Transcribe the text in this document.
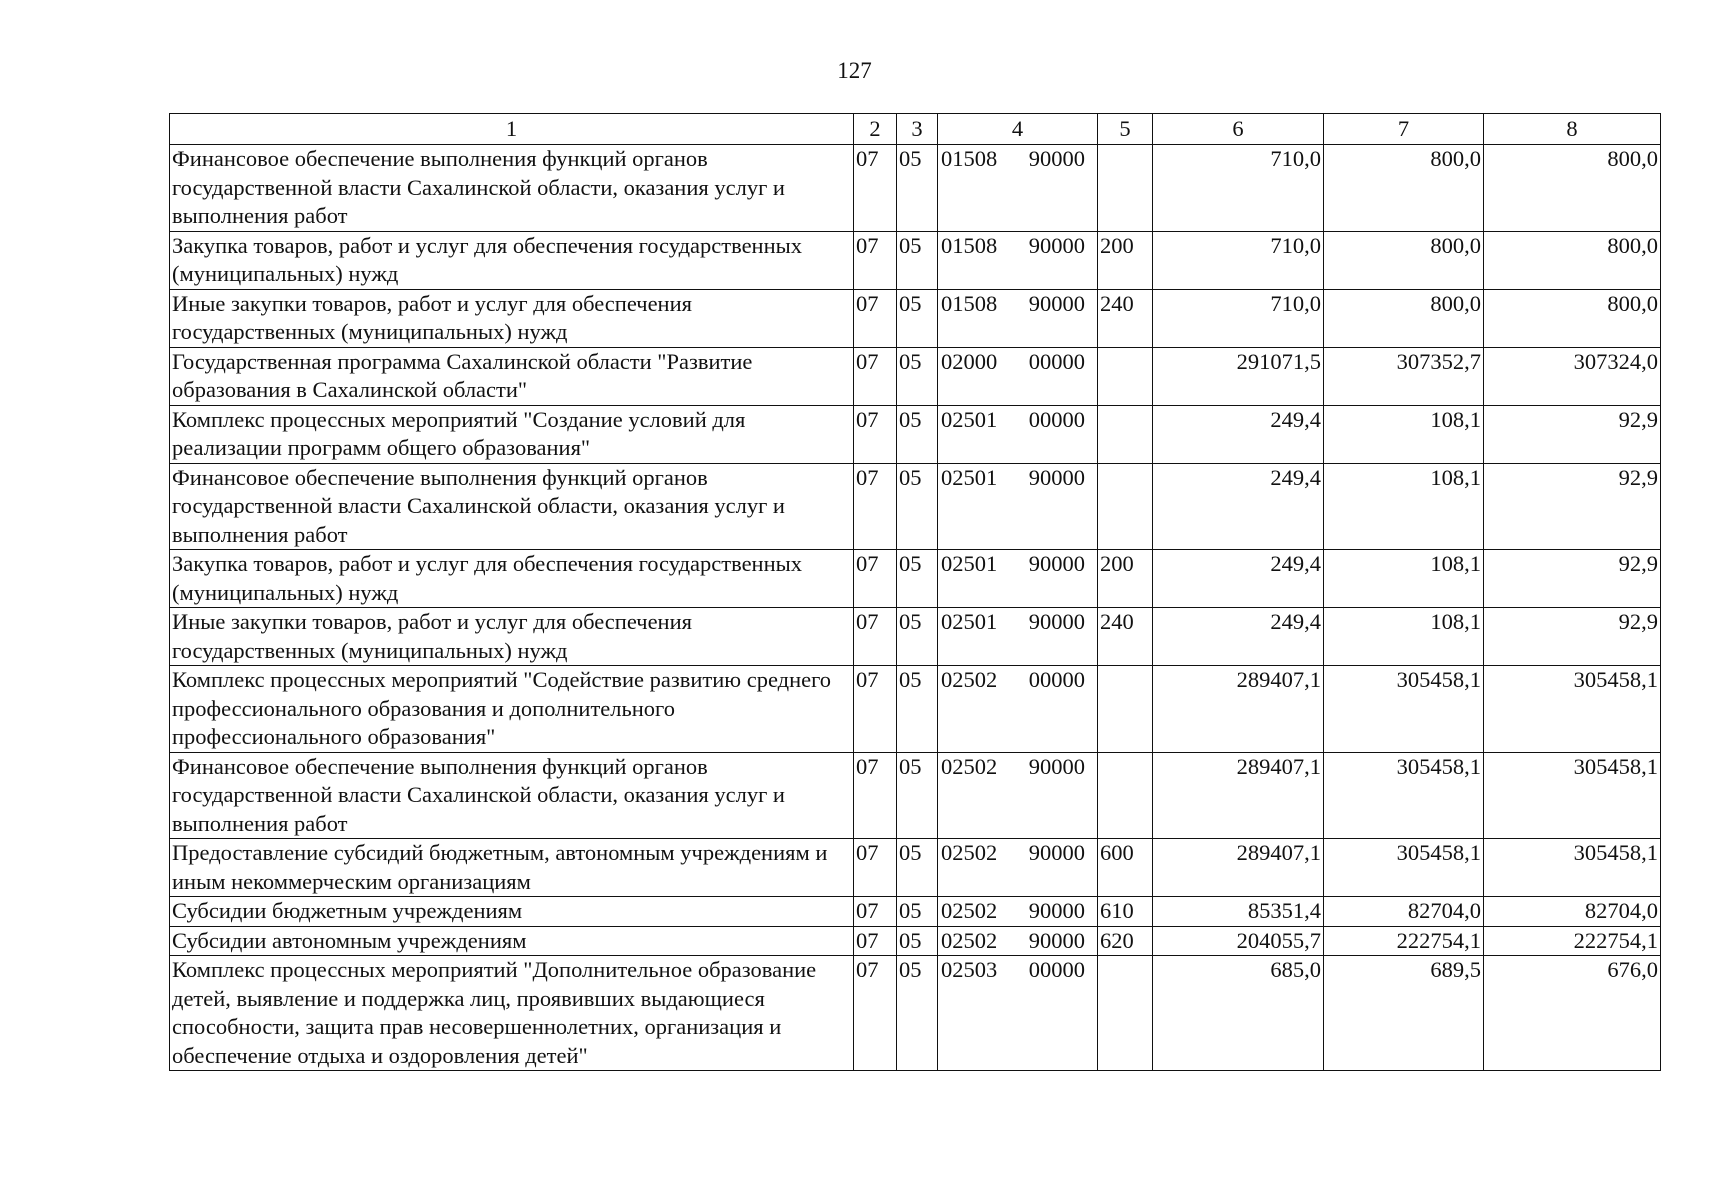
127
1	2	3	4	5	6	7	8
Финансовое обеспечение выполнения функций органов государственной власти Сахалинской области, оказания услуг и выполнения работ	07	05	01508 90000		710,0	800,0	800,0
Закупка товаров, работ и услуг для обеспечения государственных (муниципальных) нужд	07	05	01508 90000	200	710,0	800,0	800,0
Иные закупки товаров, работ и услуг для обеспечения государственных (муниципальных) нужд	07	05	01508 90000	240	710,0	800,0	800,0
Государственная программа Сахалинской области "Развитие образования в Сахалинской области"	07	05	02000 00000		291071,5	307352,7	307324,0
Комплекс процессных мероприятий "Создание условий для реализации программ общего образования"	07	05	02501 00000		249,4	108,1	92,9
Финансовое обеспечение выполнения функций органов государственной власти Сахалинской области, оказания услуг и выполнения работ	07	05	02501 90000		249,4	108,1	92,9
Закупка товаров, работ и услуг для обеспечения государственных (муниципальных) нужд	07	05	02501 90000	200	249,4	108,1	92,9
Иные закупки товаров, работ и услуг для обеспечения государственных (муниципальных) нужд	07	05	02501 90000	240	249,4	108,1	92,9
Комплекс процессных мероприятий "Содействие развитию среднего профессионального образования и дополнительного профессионального образования"	07	05	02502 00000		289407,1	305458,1	305458,1
Финансовое обеспечение выполнения функций органов государственной власти Сахалинской области, оказания услуг и выполнения работ	07	05	02502 90000		289407,1	305458,1	305458,1
Предоставление субсидий бюджетным, автономным учреждениям и иным некоммерческим организациям	07	05	02502 90000	600	289407,1	305458,1	305458,1
Субсидии бюджетным учреждениям	07	05	02502 90000	610	85351,4	82704,0	82704,0
Субсидии автономным учреждениям	07	05	02502 90000	620	204055,7	222754,1	222754,1
Комплекс процессных мероприятий "Дополнительное образование детей, выявление и поддержка лиц, проявивших выдающиеся способности, защита прав несовершеннолетних, организация и обеспечение отдыха и оздоровления детей"	07	05	02503 00000		685,0	689,5	676,0
